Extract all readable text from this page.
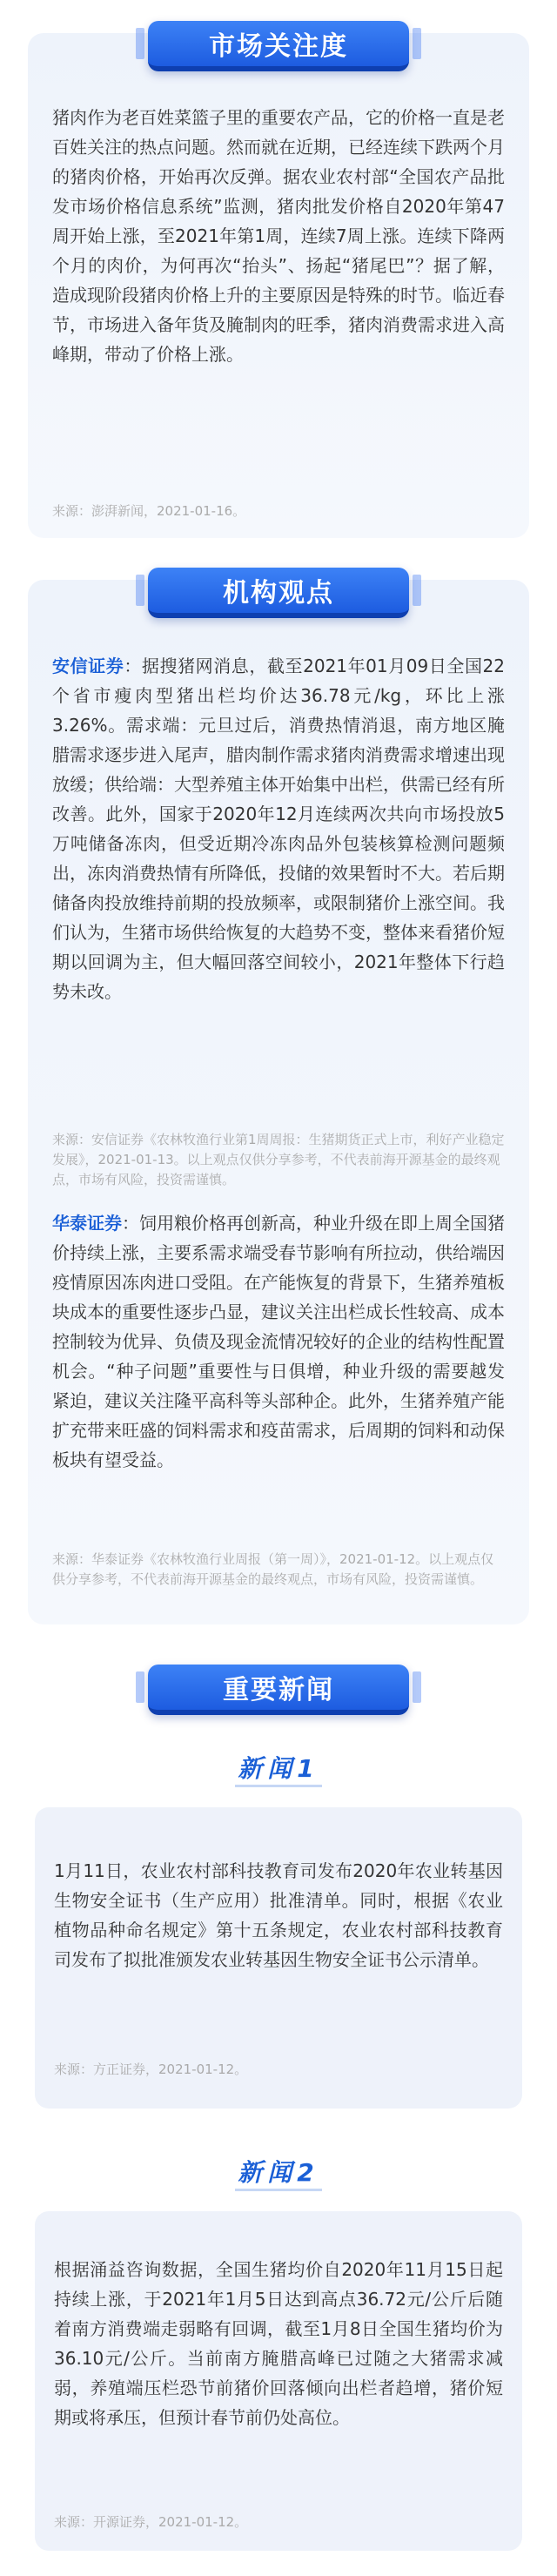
猪肉作为老百姓菜篮子里的重要农产品，它的价格一直是老百姓关注的热点问题。然而就在近期，已经连续下跌两个月的猪肉价格，开始再次反弹。据农业农村部“全国农产品批发市场价格信息系统”监测，猪肉批发价格自2020年第47周开始上涨，至2021年第1周，连续7周上涨。连续下降两个月的肉价，为何再次“抬头”、扬起“猪尾巴”？据了解，造成现阶段猪肉价格上升的主要原因是特殊的时节。临近春节，市场进入备年货及腌制肉的旺季，猪肉消费需求进入高峰期，带动了价格上涨。
来源：澎湃新闻，2021-01-16。
市场关注度
安信证券：据搜猪网消息，截至2021年01月09日全国22个省市瘦肉型猪出栏均价达36.78元/kg，环比上涨3.26%。需求端：元旦过后，消费热情消退，南方地区腌腊需求逐步进入尾声，腊肉制作需求猪肉消费需求增速出现放缓；供给端：大型养殖主体开始集中出栏，供需已经有所改善。此外，国家于2020年12月连续两次共向市场投放5万吨储备冻肉，但受近期冷冻肉品外包装核算检测问题频出，冻肉消费热情有所降低，投储的效果暂时不大。若后期储备肉投放维持前期的投放频率，或限制猪价上涨空间。我们认为，生猪市场供给恢复的大趋势不变，整体来看猪价短期以回调为主，但大幅回落空间较小，2021年整体下行趋势未改。
来源：安信证券《农林牧渔行业第1周周报：生猪期货正式上市，利好产业稳定发展》，2021-01-13。以上观点仅供分享参考，不代表前海开源基金的最终观点，市场有风险，投资需谨慎。
华泰证券：饲用粮价格再创新高，种业升级在即上周全国猪价持续上涨，主要系需求端受春节影响有所拉动，供给端因疫情原因冻肉进口受阻。在产能恢复的背景下，生猪养殖板块成本的重要性逐步凸显，建议关注出栏成长性较高、成本控制较为优异、负债及现金流情况较好的企业的结构性配置机会。“种子问题”重要性与日俱增，种业升级的需要越发紧迫，建议关注隆平高科等头部种企。此外，生猪养殖产能扩充带来旺盛的饲料需求和疫苗需求，后周期的饲料和动保板块有望受益。
来源：华泰证券《农林牧渔行业周报（第一周）》，2021-01-12。以上观点仅供分享参考，不代表前海开源基金的最终观点，市场有风险，投资需谨慎。
机构观点
重要新闻
新闻1
1月11日，农业农村部科技教育司发布2020年农业转基因生物安全证书（生产应用）批准清单。同时，根据《农业植物品种命名规定》第十五条规定，农业农村部科技教育司发布了拟批准颁发农业转基因生物安全证书公示清单。
来源：方正证券，2021-01-12。
新闻2
根据涌益咨询数据，全国生猪均价自2020年11月15日起持续上涨，于2021年1月5日达到高点36.72元/公斤后随着南方消费端走弱略有回调，截至1月8日全国生猪均价为36.10元/公斤。当前南方腌腊高峰已过随之大猪需求减弱，养殖端压栏恐节前猪价回落倾向出栏者趋增，猪价短期或将承压，但预计春节前仍处高位。
来源：开源证券，2021-01-12。
